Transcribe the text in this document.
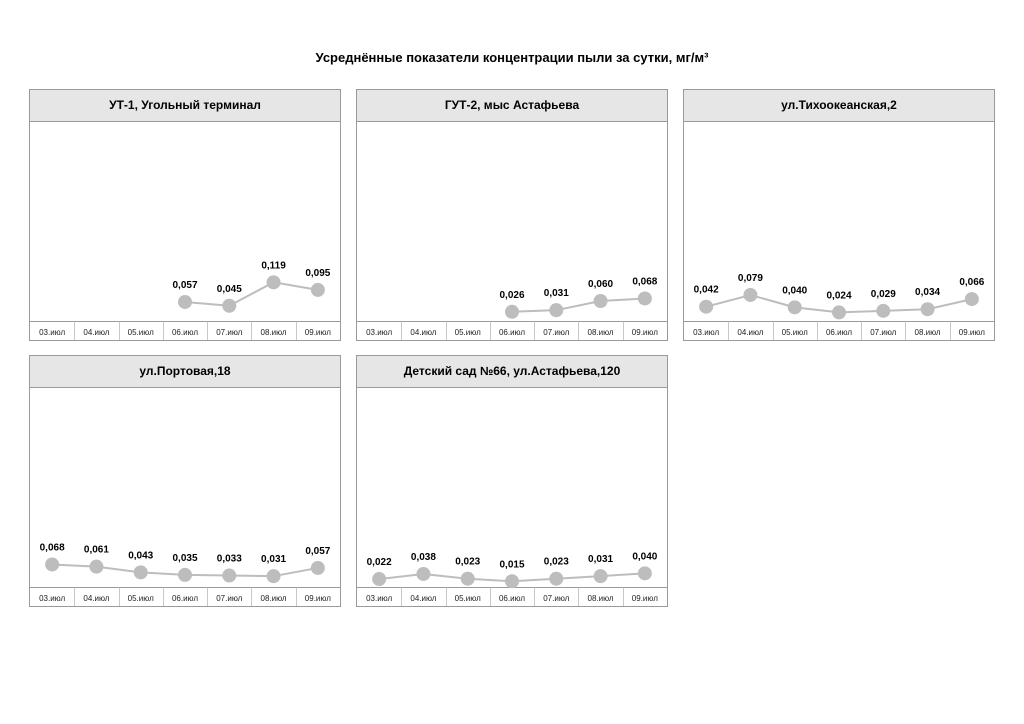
Усреднённые показатели концентрации пыли за сутки, мг/м³
УТ-1, Угольный терминал
0,057 0,045
0,119
0,095
03.июл 04.июл 05.июл 06.июл 07.июл 08.июл 09.июл
ГУТ-2, мыс Астафьева
0,026 0,031
0,060 0,068
03.июл 04.июл 05.июл 06.июл 07.июл 08.июл 09.июл
ул.Тихоокеанская,2
0,042
0,079
0,040 0,024 0,029 0,034
0,066
03.июл 04.июл 05.июл 06.июл 07.июл 08.июл 09.июл
ул.Портовая,18
0,068 0,061
0,043 0,035 0,033 0,031
0,057
03.июл 04.июл 05.июл 06.июл 07.июл 08.июл 09.июл
Детский сад №66, ул.Астафьева,120
0,022 0,038 0,023 0,015 0,023 0,031 0,040
03.июл 04.июл 05.июл 06.июл 07.июл 08.июл 09.июл
